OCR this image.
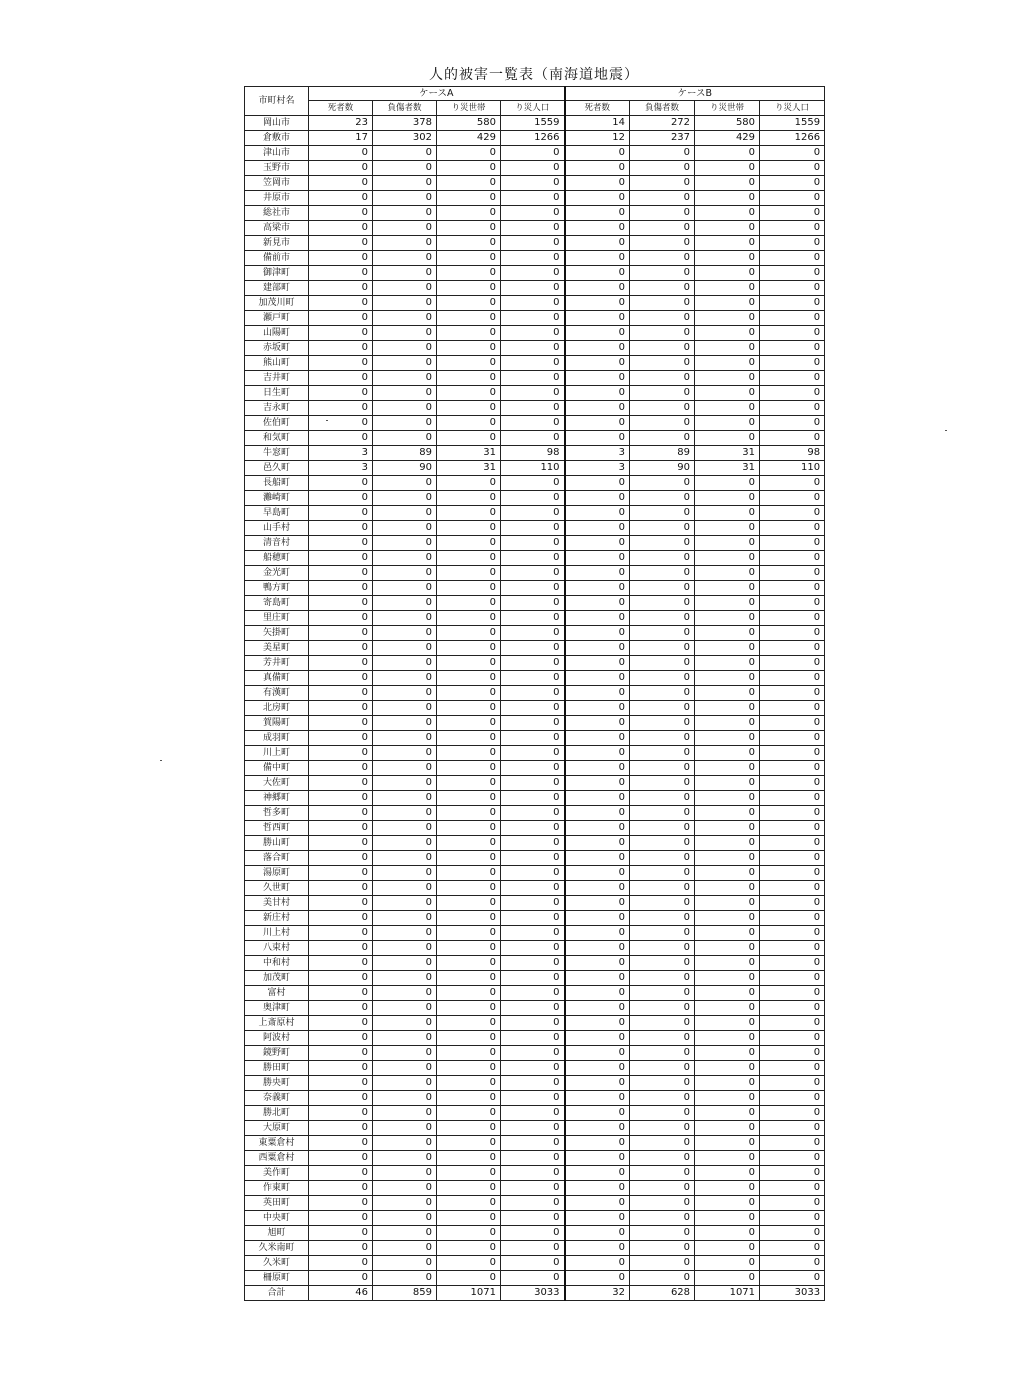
人的被害一覧表（南海道地震）
市町村名	ケースA				ケースB			
	死者数	負傷者数	り災世帯	り災人口	死者数	負傷者数	り災世帯	り災人口
岡山市	23	378	580	1559	14	272	580	1559
倉敷市	17	302	429	1266	12	237	429	1266
津山市	0	0	0	0	0	0	0	0
玉野市	0	0	0	0	0	0	0	0
笠岡市	0	0	0	0	0	0	0	0
井原市	0	0	0	0	0	0	0	0
総社市	0	0	0	0	0	0	0	0
高梁市	0	0	0	0	0	0	0	0
新見市	0	0	0	0	0	0	0	0
備前市	0	0	0	0	0	0	0	0
御津町	0	0	0	0	0	0	0	0
建部町	0	0	0	0	0	0	0	0
加茂川町	0	0	0	0	0	0	0	0
瀬戸町	0	0	0	0	0	0	0	0
山陽町	0	0	0	0	0	0	0	0
赤坂町	0	0	0	0	0	0	0	0
熊山町	0	0	0	0	0	0	0	0
吉井町	0	0	0	0	0	0	0	0
日生町	0	0	0	0	0	0	0	0
吉永町	0	0	0	0	0	0	0	0
佐伯町	0	0	0	0	0	0	0	0
和気町	0	0	0	0	0	0	0	0
牛窓町	3	89	31	98	3	89	31	98
邑久町	3	90	31	110	3	90	31	110
長船町	0	0	0	0	0	0	0	0
灘崎町	0	0	0	0	0	0	0	0
早島町	0	0	0	0	0	0	0	0
山手村	0	0	0	0	0	0	0	0
清音村	0	0	0	0	0	0	0	0
船穂町	0	0	0	0	0	0	0	0
金光町	0	0	0	0	0	0	0	0
鴨方町	0	0	0	0	0	0	0	0
寄島町	0	0	0	0	0	0	0	0
里庄町	0	0	0	0	0	0	0	0
矢掛町	0	0	0	0	0	0	0	0
美星町	0	0	0	0	0	0	0	0
芳井町	0	0	0	0	0	0	0	0
真備町	0	0	0	0	0	0	0	0
有漢町	0	0	0	0	0	0	0	0
北房町	0	0	0	0	0	0	0	0
賀陽町	0	0	0	0	0	0	0	0
成羽町	0	0	0	0	0	0	0	0
川上町	0	0	0	0	0	0	0	0
備中町	0	0	0	0	0	0	0	0
大佐町	0	0	0	0	0	0	0	0
神郷町	0	0	0	0	0	0	0	0
哲多町	0	0	0	0	0	0	0	0
哲西町	0	0	0	0	0	0	0	0
勝山町	0	0	0	0	0	0	0	0
落合町	0	0	0	0	0	0	0	0
湯原町	0	0	0	0	0	0	0	0
久世町	0	0	0	0	0	0	0	0
美甘村	0	0	0	0	0	0	0	0
新庄村	0	0	0	0	0	0	0	0
川上村	0	0	0	0	0	0	0	0
八束村	0	0	0	0	0	0	0	0
中和村	0	0	0	0	0	0	0	0
加茂町	0	0	0	0	0	0	0	0
富村	0	0	0	0	0	0	0	0
奥津町	0	0	0	0	0	0	0	0
上斎原村	0	0	0	0	0	0	0	0
阿波村	0	0	0	0	0	0	0	0
鏡野町	0	0	0	0	0	0	0	0
勝田町	0	0	0	0	0	0	0	0
勝央町	0	0	0	0	0	0	0	0
奈義町	0	0	0	0	0	0	0	0
勝北町	0	0	0	0	0	0	0	0
大原町	0	0	0	0	0	0	0	0
東粟倉村	0	0	0	0	0	0	0	0
西粟倉村	0	0	0	0	0	0	0	0
美作町	0	0	0	0	0	0	0	0
作東町	0	0	0	0	0	0	0	0
英田町	0	0	0	0	0	0	0	0
中央町	0	0	0	0	0	0	0	0
旭町	0	0	0	0	0	0	0	0
久米南町	0	0	0	0	0	0	0	0
久米町	0	0	0	0	0	0	0	0
柵原町	0	0	0	0	0	0	0	0
合計	46	859	1071	3033	32	628	1071	3033
